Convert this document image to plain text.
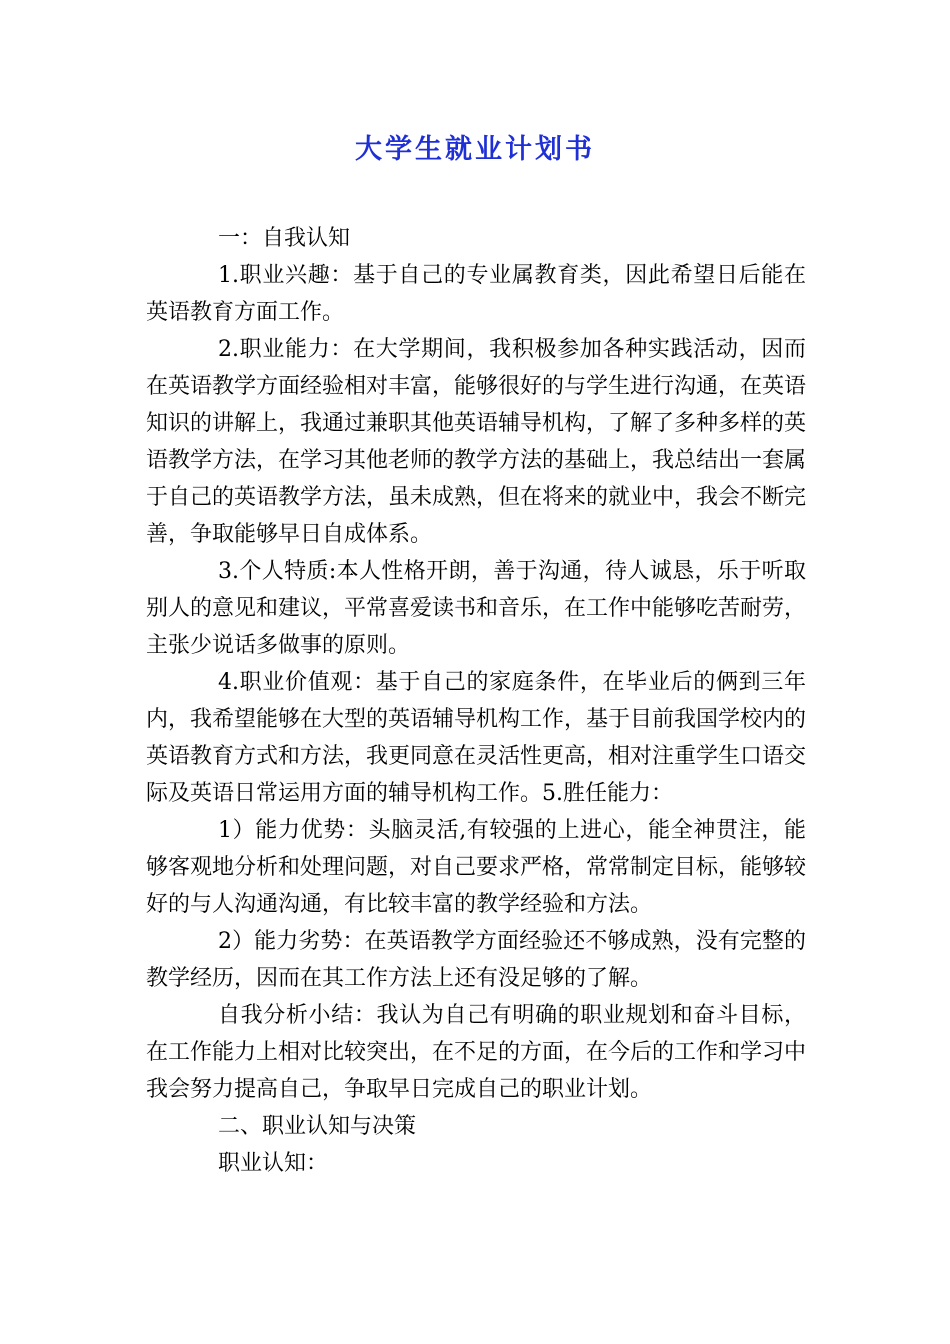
大学生就业计划书

一：自我认知

1.职业兴趣：基于自己的专业属教育类，因此希望日后能在英语教育方面工作。

2.职业能力：在大学期间，我积极参加各种实践活动，因而在英语教学方面经验相对丰富，能够很好的与学生进行沟通，在英语知识的讲解上，我通过兼职其他英语辅导机构，了解了多种多样的英语教学方法，在学习其他老师的教学方法的基础上，我总结出一套属于自己的英语教学方法，虽未成熟，但在将来的就业中，我会不断完善，争取能够早日自成体系。

3.个人特质:本人性格开朗，善于沟通，待人诚恳，乐于听取别人的意见和建议，平常喜爱读书和音乐，在工作中能够吃苦耐劳，主张少说话多做事的原则。

4.职业价值观：基于自己的家庭条件，在毕业后的俩到三年内，我希望能够在大型的英语辅导机构工作，基于目前我国学校内的英语教育方式和方法，我更同意在灵活性更高，相对注重学生口语交际及英语日常运用方面的辅导机构工作。5.胜任能力：

1）能力优势：头脑灵活,有较强的上进心，能全神贯注，能够客观地分析和处理问题，对自己要求严格，常常制定目标，能够较好的与人沟通沟通，有比较丰富的教学经验和方法。

2）能力劣势：在英语教学方面经验还不够成熟，没有完整的教学经历，因而在其工作方法上还有没足够的了解。

自我分析小结：我认为自己有明确的职业规划和奋斗目标，在工作能力上相对比较突出，在不足的方面，在今后的工作和学习中我会努力提高自己，争取早日完成自己的职业计划。

二、职业认知与决策

职业认知：
